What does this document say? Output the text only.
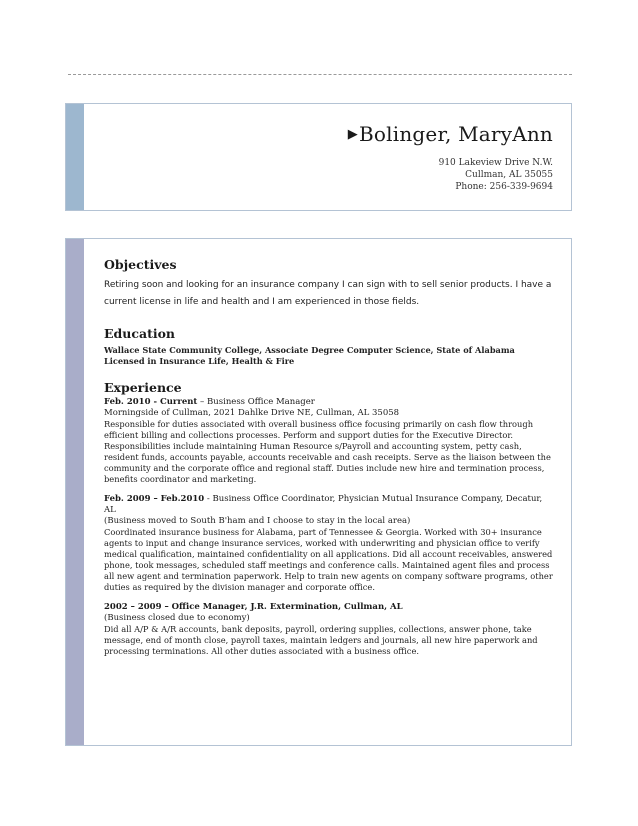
▶Bolinger, MaryAnn
910 Lakeview Drive N.W.
Cullman, AL 35055
Phone: 256-339-9694
Objectives

Retiring soon and looking for an insurance company I can sign with to sell senior products. I have a current license in life and health and I am experienced in those fields.

Education

Wallace State Community College, Associate Degree Computer Science, State of Alabama Licensed in Insurance Life, Health & Fire

Experience

Feb. 2010 - Current – Business Office Manager

Morningside of Cullman, 2021 Dahlke Drive NE, Cullman, AL 35058

Responsible for duties associated with overall business office focusing primarily on cash flow through efficient billing and collections processes. Perform and support duties for the Executive Director. Responsibilities include maintaining Human Resource s/Payroll and accounting system, petty cash, resident funds, accounts payable, accounts receivable and cash receipts. Serve as the liaison between the community and the corporate office and regional staff. Duties include new hire and termination process, benefits coordinator and marketing.

Feb. 2009 – Feb.2010 - Business Office Coordinator, Physician Mutual Insurance Company, Decatur, AL

(Business moved to South B'ham and I choose to stay in the local area)

Coordinated insurance business for Alabama, part of Tennessee & Georgia. Worked with 30+ insurance agents to input and change insurance services, worked with underwriting and physician office to verify medical qualification, maintained confidentiality on all applications. Did all account receivables, answered phone, took messages, scheduled staff meetings and conference calls. Maintained agent files and process all new agent and termination paperwork. Help to train new agents on company software programs, other duties as required by the division manager and corporate office.

2002 – 2009 – Office Manager, J.R. Extermination, Cullman, AL

(Business closed due to economy)

Did all A/P & A/R accounts, bank deposits, payroll, ordering supplies, collections, answer phone, take message, end of month close, payroll taxes, maintain ledgers and journals, all new hire paperwork and processing terminations. All other duties associated with a business office.
